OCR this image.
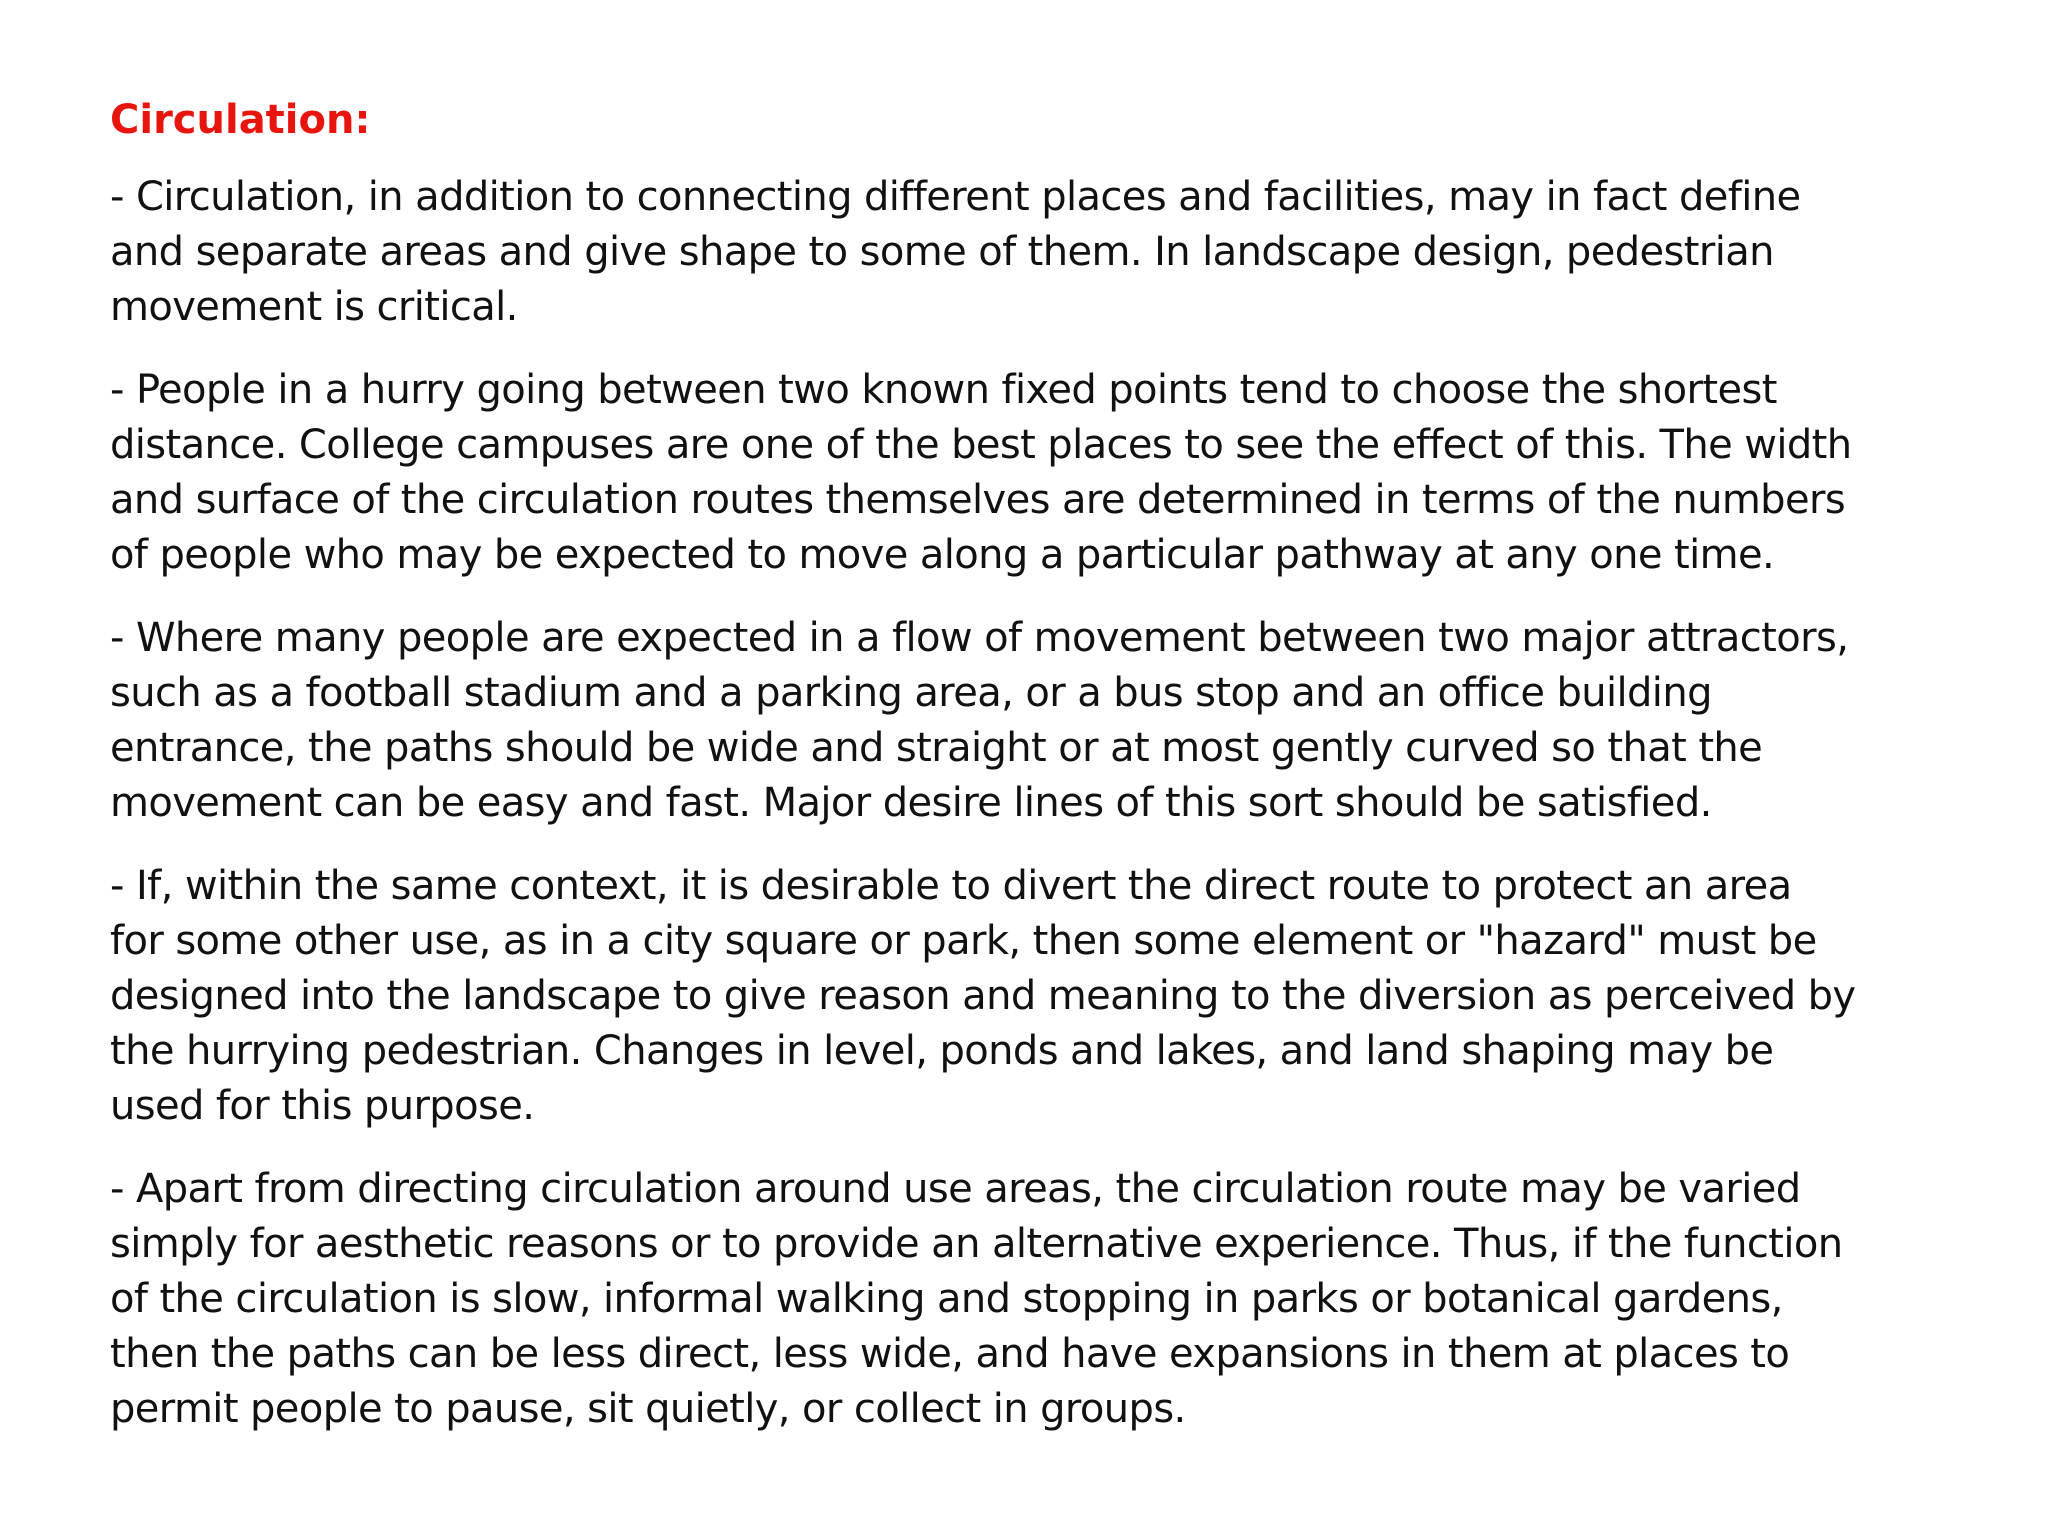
Circulation:

- Circulation, in addition to connecting different places and facilities, may in fact define
and separate areas and give shape to some of them. In landscape design, pedestrian
movement is critical.

- People in a hurry going between two known fixed points tend to choose the shortest
distance. College campuses are one of the best places to see the effect of this. The width
and surface of the circulation routes themselves are determined in terms of the numbers
of people who may be expected to move along a particular pathway at any one time.

- Where many people are expected in a flow of movement between two major attractors,
such as a football stadium and a parking area, or a bus stop and an office building
entrance, the paths should be wide and straight or at most gently curved so that the
movement can be easy and fast. Major desire lines of this sort should be satisfied.

- If, within the same context, it is desirable to divert the direct route to protect an area
for some other use, as in a city square or park, then some element or "hazard" must be
designed into the landscape to give reason and meaning to the diversion as perceived by
the hurrying pedestrian. Changes in level, ponds and lakes, and land shaping may be
used for this purpose.

- Apart from directing circulation around use areas, the circulation route may be varied
simply for aesthetic reasons or to provide an alternative experience. Thus, if the function
of the circulation is slow, informal walking and stopping in parks or botanical gardens,
then the paths can be less direct, less wide, and have expansions in them at places to
permit people to pause, sit quietly, or collect in groups.
